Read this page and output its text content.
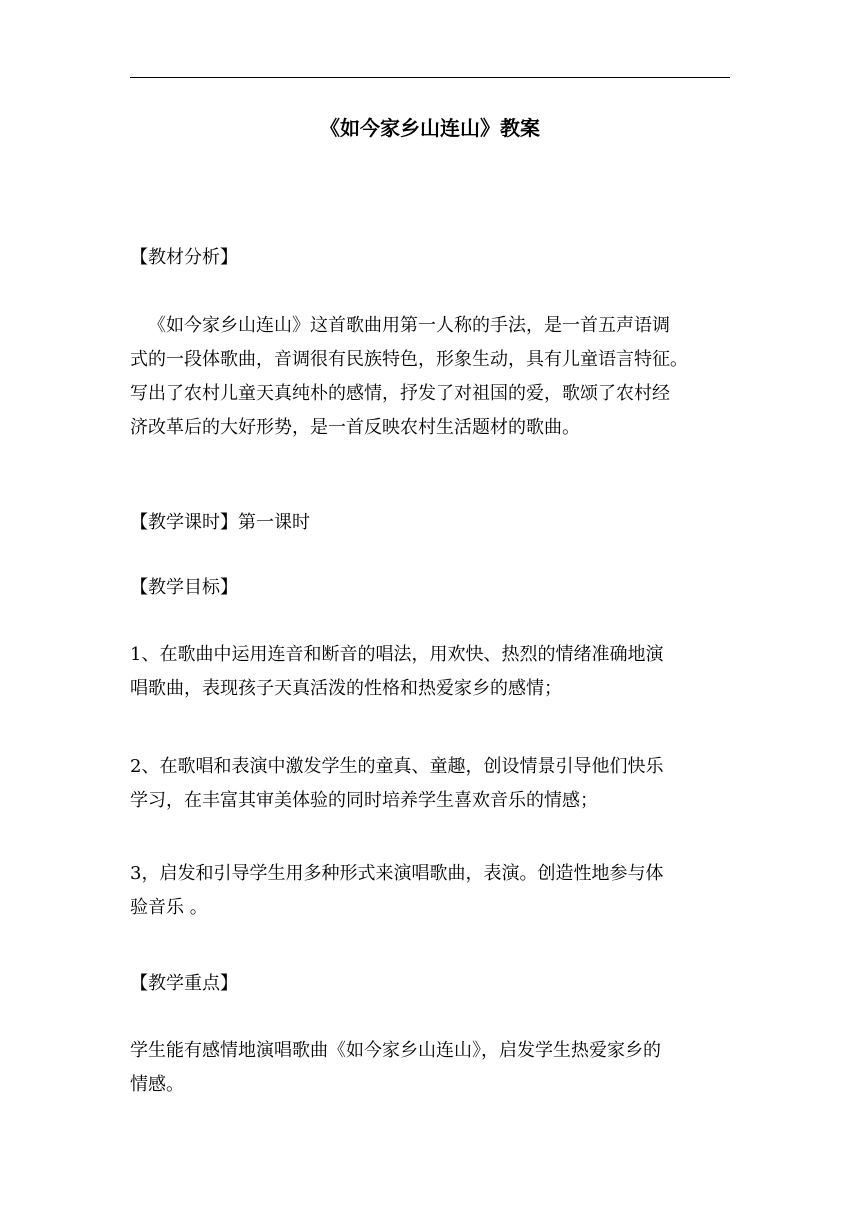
《如今家乡山连山》教案
【教材分析】
《如今家乡山连山》这首歌曲用第一人称的手法，是一首五声语调
式的一段体歌曲，音调很有民族特色，形象生动，具有儿童语言特征。
写出了农村儿童天真纯朴的感情，抒发了对祖国的爱，歌颂了农村经
济改革后的大好形势，是一首反映农村生活题材的歌曲。
【教学课时】第一课时
【教学目标】
1、在歌曲中运用连音和断音的唱法，用欢快、热烈的情绪准确地演
唱歌曲，表现孩子天真活泼的性格和热爱家乡的感情；
2、在歌唱和表演中激发学生的童真、童趣，创设情景引导他们快乐
学习，在丰富其审美体验的同时培养学生喜欢音乐的情感；
3，启发和引导学生用多种形式来演唱歌曲，表演。创造性地参与体
验音乐 。
【教学重点】
学生能有感情地演唱歌曲《如今家乡山连山》，启发学生热爱家乡的
情感。
